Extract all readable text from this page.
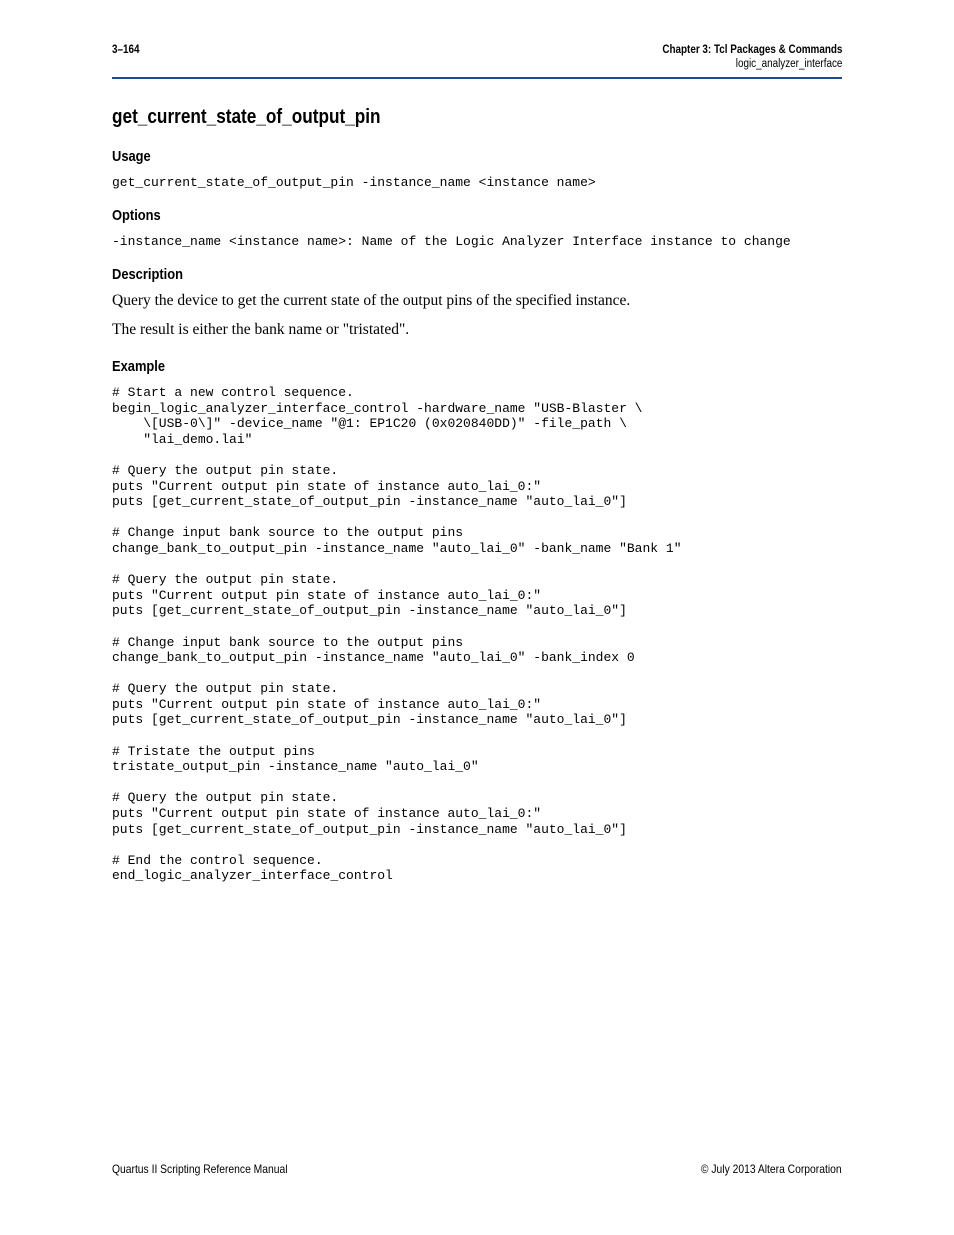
3–164	Chapter 3: Tcl Packages & Commands
logic_analyzer_interface
get_current_state_of_output_pin
Usage
get_current_state_of_output_pin -instance_name <instance name>
Options
-instance_name <instance name>: Name of the Logic Analyzer Interface instance to change
Description
Query the device to get the current state of the output pins of the specified instance.
The result is either the bank name or "tristated".
Example
# Start a new control sequence.
begin_logic_analyzer_interface_control -hardware_name "USB-Blaster \
\[USB-0\]" -device_name "@1: EP1C20 (0x020840DD)" -file_path \
"lai_demo.lai"
# Query the output pin state.
puts "Current output pin state of instance auto_lai_0:"
puts [get_current_state_of_output_pin -instance_name "auto_lai_0"]
# Change input bank source to the output pins
change_bank_to_output_pin -instance_name "auto_lai_0" -bank_name "Bank 1"
# Query the output pin state.
puts "Current output pin state of instance auto_lai_0:"
puts [get_current_state_of_output_pin -instance_name "auto_lai_0"]
# Change input bank source to the output pins
change_bank_to_output_pin -instance_name "auto_lai_0" -bank_index 0
# Query the output pin state.
puts "Current output pin state of instance auto_lai_0:"
puts [get_current_state_of_output_pin -instance_name "auto_lai_0"]
# Tristate the output pins
tristate_output_pin -instance_name "auto_lai_0"
# Query the output pin state.
puts "Current output pin state of instance auto_lai_0:"
puts [get_current_state_of_output_pin -instance_name "auto_lai_0"]
# End the control sequence.
end_logic_analyzer_interface_control
Quartus II Scripting Reference Manual	© July 2013 Altera Corporation
